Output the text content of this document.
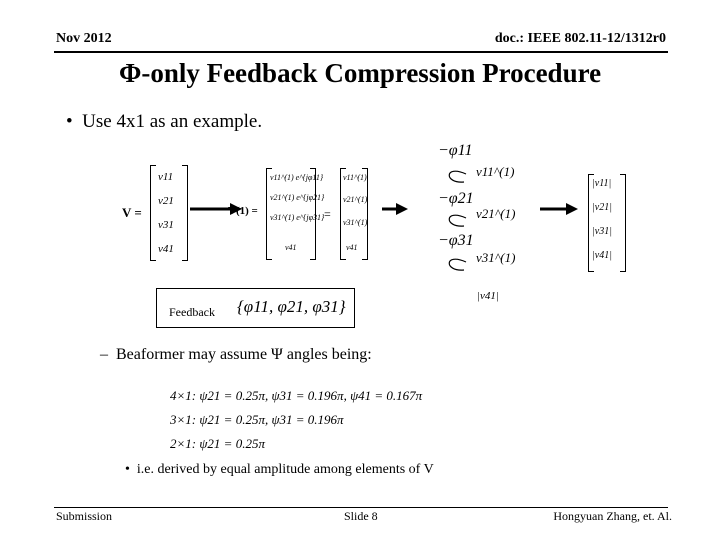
Nov 2012	doc.: IEEE 802.11-12/1312r0
Φ-only Feedback Compression Procedure
•  Use 4x1 as an example.
V =
v11
v21
v31
v41
V(1) =
v11^(1) e^{jφ11}
v21^(1) e^{jφ21}
v31^(1) e^{jφ31}
v41
=
v11^(1)
v21^(1)
v31^(1)
v41
−φ11
−φ21
−φ31
v11^(1)
v21^(1)
v31^(1)
|v41|
|v11|
|v21|
|v31|
|v41|
Feedback {φ11, φ21, φ31}
–  Beaformer may assume Ψ angles being:
4×1: ψ21 = 0.25π, ψ31 = 0.196π, ψ41 = 0.167π
3×1: ψ21 = 0.25π, ψ31 = 0.196π
2×1: ψ21 = 0.25π
•  i.e. derived by equal amplitude among elements of V
Submission	Slide 8	Hongyuan Zhang, et. Al.
